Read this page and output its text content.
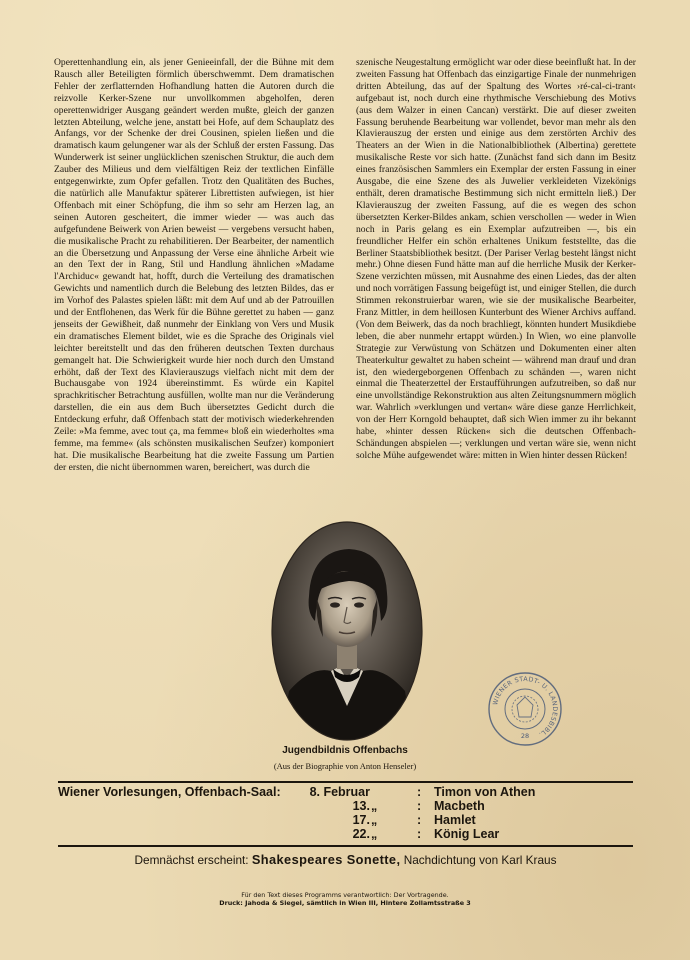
Operettenhandlung ein, als jener Genieeinfall, der die Bühne mit dem Rausch aller Beteiligten förmlich überschwemmt. Dem dramatischen Fehler der zerflatternden Hofhandlung hatten die Autoren durch die reizvolle Kerker-Szene nur unvollkommen abgeholfen, deren operettenwidriger Ausgang geändert werden mußte, gleich der ganzen letzten Abteilung, welche jene, anstatt bei Hofe, auf dem Schauplatz des Anfangs, vor der Schenke der drei Cousinen, spielen ließen und die dramatisch kaum gelungener war als der Schluß der ersten Fassung. Das Wunderwerk ist seiner unglücklichen szenischen Struktur, die auch dem Zauber des Milieus und dem vielfältigen Reiz der textlichen Einfälle entgegenwirkte, zum Opfer gefallen. Trotz den Qualitäten des Buches, die natürlich alle Manufaktur späterer Librettisten aufwiegen, ist hier Offenbach mit einer Schöpfung, die ihm so sehr am Herzen lag, an seinen Autoren gescheitert, die immer wieder — was auch das aufgefundene Beiwerk von Arien beweist — vergebens versucht haben, die musikalische Pracht zu rehabilitieren. Der Bearbeiter, der namentlich an die Übersetzung und Anpassung der Verse eine ähnliche Arbeit wie an den Text der in Rang, Stil und Handlung ähnlichen »Madame l'Archiduc« gewandt hat, hofft, durch die Verteilung des dramatischen Gewichts und namentlich durch die Belebung des letzten Bildes, das er im Vorhof des Palastes spielen läßt: mit dem Auf und ab der Patrouillen und der Entflohenen, das Werk für die Bühne gerettet zu haben — ganz jenseits der Gewißheit, daß nunmehr der Einklang von Vers und Musik ein dramatisches Element bildet, wie es die Sprache des Originals viel leichter bereitstellt und das den früheren deutschen Texten durchaus gemangelt hat. Die Schwierigkeit wurde hier noch durch den Umstand erhöht, daß der Text des Klavierauszugs vielfach nicht mit dem der Buchausgabe von 1924 übereinstimmt. Es würde ein Kapitel sprachkritischer Betrachtung ausfüllen, wollte man nur die Veränderung darstellen, die ein aus dem Buch übersetztes Gedicht durch die Entdeckung erfuhr, daß Offenbach statt der motivisch wiederkehrenden Zeile: »Ma femme, avec tout ça, ma femme« bloß ein wiederholtes »ma femme, ma femme« (als schönsten musikalischen Seufzer) komponiert hat. Die musikalische Bearbeitung hat die zweite Fassung um Partien der ersten, die nicht übernommen waren, bereichert, was durch die

szenische Neugestaltung ermöglicht war oder diese beeinflußt hat. In der zweiten Fassung hat Offenbach das einzigartige Finale der nunmehrigen dritten Abteilung, das auf der Spaltung des Wortes ›ré-cal-ci-trant‹ aufgebaut ist, noch durch eine rhythmische Verschiebung des Motivs (aus dem Walzer in einen Cancan) verstärkt. Die auf dieser zweiten Fassung beruhende Bearbeitung war vollendet, bevor man mehr als den Klavierauszug der ersten und einige aus dem zerstörten Archiv des Theaters an der Wien in die Nationalbibliothek (Albertina) gerettete musikalische Reste vor sich hatte. (Zunächst fand sich dann im Besitz eines französischen Sammlers ein Exemplar der ersten Fassung in einer Ausgabe, die eine Szene des als Juwelier verkleideten Vizekönigs enthält, deren dramatische Bestimmung sich nicht ermitteln ließ.) Der Klavierauszug der zweiten Fassung, auf die es wegen des schon übersetzten Kerker-Bildes ankam, schien verschollen — weder in Wien noch in Paris gelang es ein Exemplar aufzutreiben —, bis ein freundlicher Helfer ein schön erhaltenes Unikum feststellte, das die Berliner Staatsbibliothek besitzt. (Der Pariser Verlag besteht längst nicht mehr.) Ohne diesen Fund hätte man auf die herrliche Musik der Kerker-Szene verzichten müssen, mit Ausnahme des einen Liedes, das der alten und noch vorrätigen Fassung beigefügt ist, und einiger Stellen, die durch Stimmen rekonstruierbar waren, wie sie der musikalische Bearbeiter, Franz Mittler, in dem heillosen Kunterbunt des Wiener Archivs auffand. (Von dem Beiwerk, das da noch brachliegt, könnten hundert Musikdiebe leben, die aber nunmehr ertappt würden.) In Wien, wo eine planvolle Strategie zur Verwüstung von Schätzen und Dokumenten einer alten Theaterkultur gewaltet zu haben scheint — während man drauf und dran ist, den wiedergeborgenen Offenbach zu schänden —, waren nicht einmal die Theaterzettel der Erstaufführungen aufzutreiben, so daß nur eine unvollständige Rekonstruktion aus alten Zeitungsnummern möglich war. Wahrlich »verklungen und vertan« wäre diese ganze Herrlichkeit, von der Herr Korngold behauptet, daß sich Wien immer zu ihr bekannt habe, »hinter dessen Rücken« sich die deutschen Offenbach-Schändungen abspielen —; verklungen und vertan wäre sie, wenn nicht solche Mühe aufgewendet wäre: mitten in Wien hinter dessen Rücken!

Jugendbildnis Offenbachs
(Aus der Biographie von Anton Henseler)
WIENER STADT- U. LANDESBIBL.
28
Wiener Vorlesungen, Offenbach-Saal: 8. Februar	: Timon von Athen
13. „	: Macbeth
17. „	: Hamlet
22. „	: König Lear
Demnächst erscheint: Shakespeares Sonette, Nachdichtung von Karl Kraus
Für den Text dieses Programms verantwortlich: Der Vortragende.
Druck: Jahoda & Siegel, sämtlich in Wien III, Hintere Zollamtsstraße 3
